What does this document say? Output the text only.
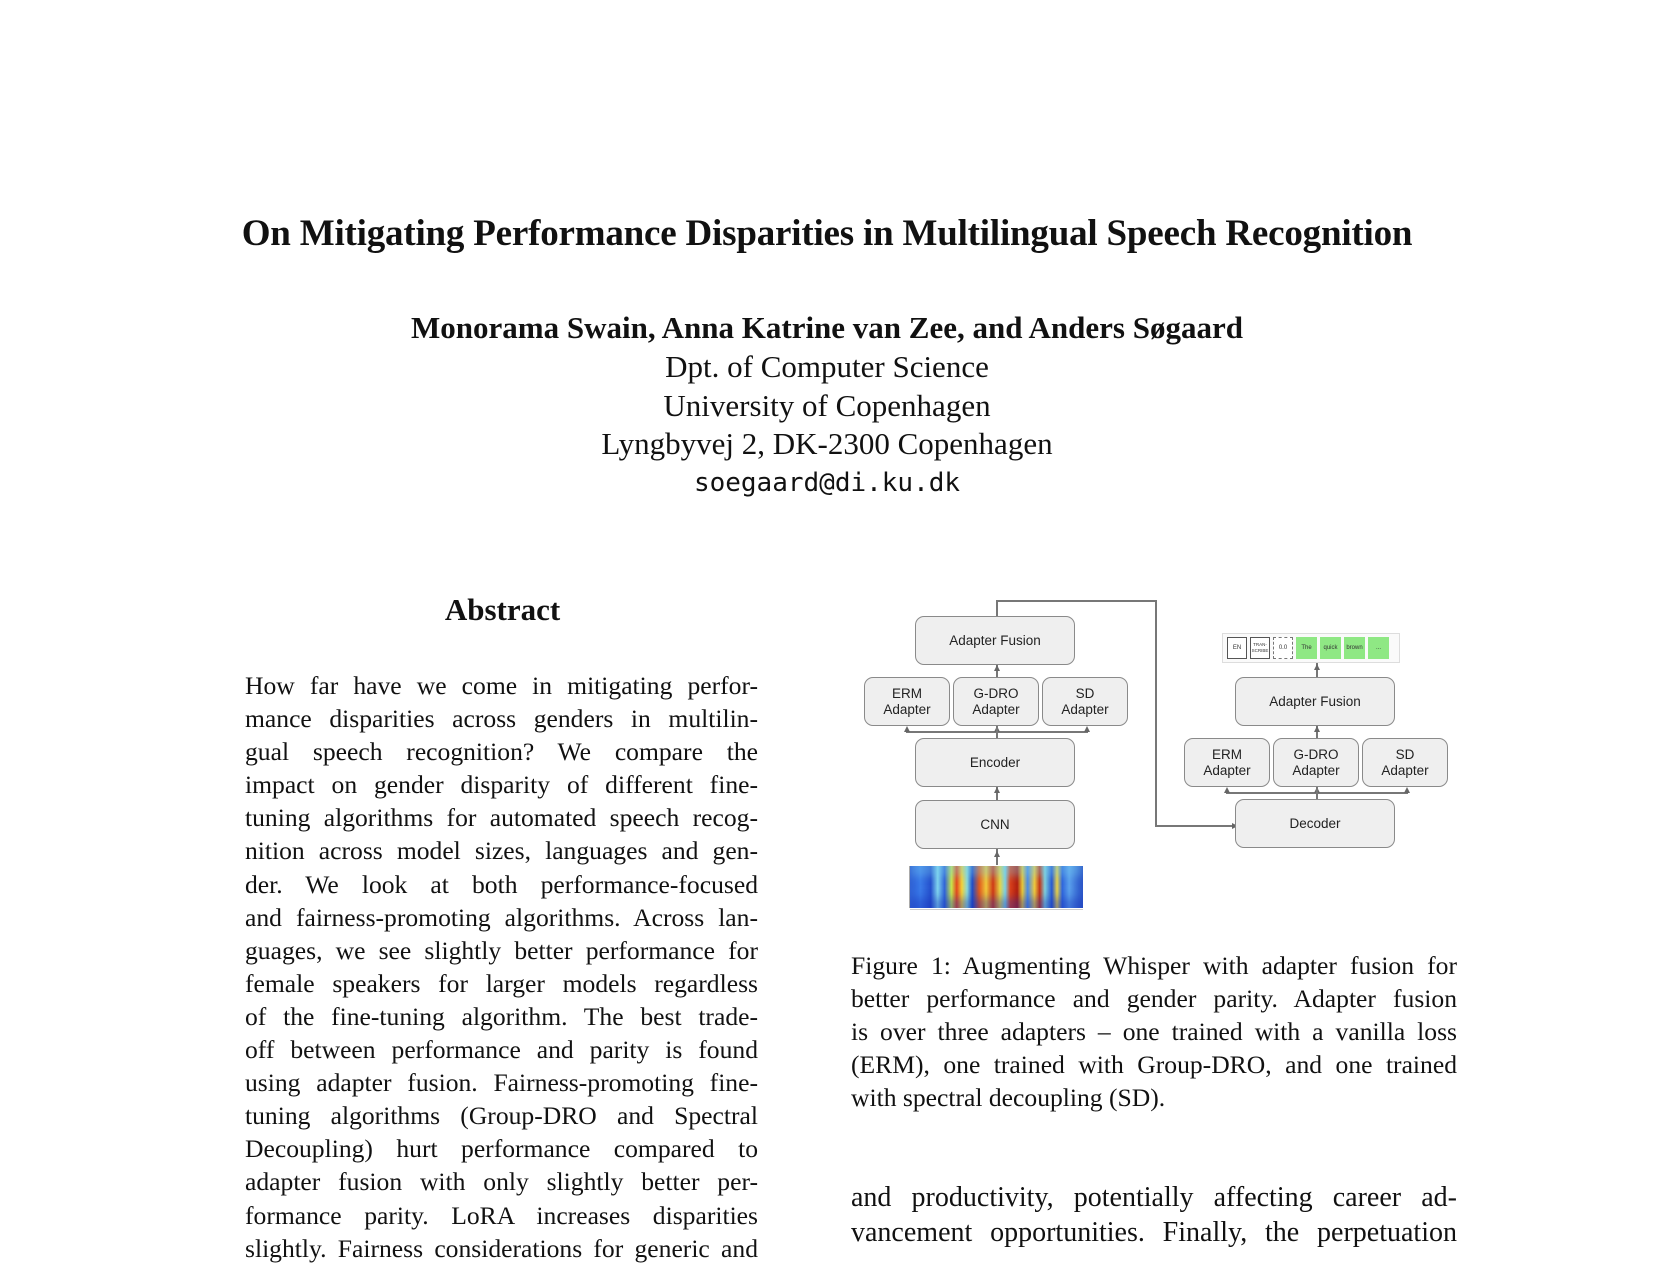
On Mitigating Performance Disparities in Multilingual Speech Recognition
Monorama Swain, Anna Katrine van Zee, and Anders Søgaard
Dpt. of Computer Science
University of Copenhagen
Lyngbyvej 2, DK-2300 Copenhagen
soegaard@di.ku.dk
Abstract
How far have we come in mitigating perfor-
mance disparities across genders in multilin-
gual speech recognition? We compare the
impact on gender disparity of different fine-
tuning algorithms for automated speech recog-
nition across model sizes, languages and gen-
der. We look at both performance-focused
and fairness-promoting algorithms. Across lan-
guages, we see slightly better performance for
female speakers for larger models regardless
of the fine-tuning algorithm. The best trade-
off between performance and parity is found
using adapter fusion. Fairness-promoting fine-
tuning algorithms (Group-DRO and Spectral
Decoupling) hurt performance compared to
adapter fusion with only slightly better per-
formance parity. LoRA increases disparities
slightly. Fairness considerations for generic and
Adapter Fusion
ERM
Adapter
G-DRO
Adapter
SD
Adapter
Encoder
CNN
EN
TRAN-SCRIBE	0.0	The	quick	brown	...
Adapter Fusion
ERM
Adapter
G-DRO
Adapter
SD
Adapter
Decoder
Figure 1: Augmenting Whisper with adapter fusion for
better performance and gender parity. Adapter fusion
is over three adapters – one trained with a vanilla loss
(ERM), one trained with Group-DRO, and one trained
with spectral decoupling (SD).
and productivity, potentially affecting career ad-
vancement opportunities. Finally, the perpetuation
